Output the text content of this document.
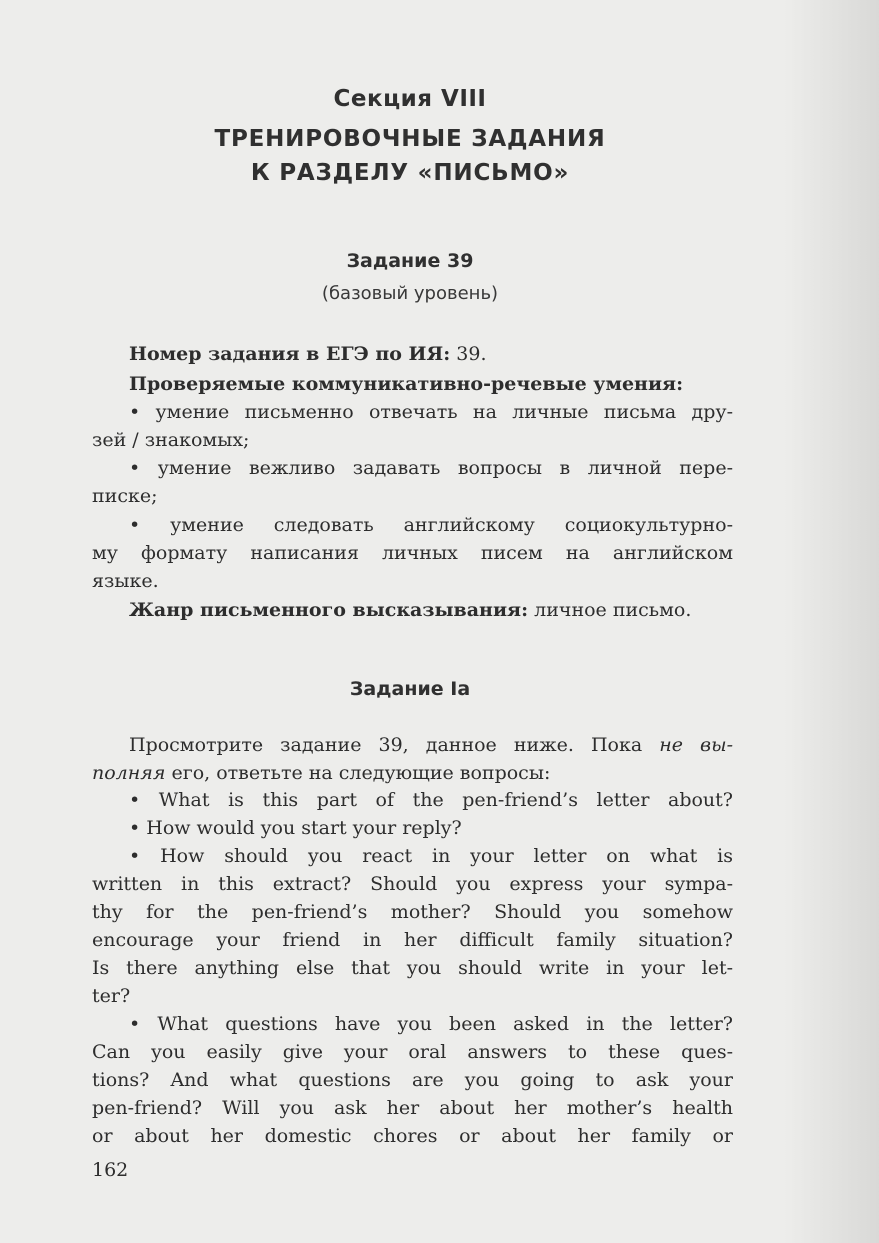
Секция VIII
ТРЕНИРОВОЧНЫЕ ЗАДАНИЯ
К РАЗДЕЛУ «ПИСЬМО»
Задание 39
(базовый уровень)
Номер задания в ЕГЭ по ИЯ: 39.
Проверяемые коммуникативно-речевые умения:
• умение письменно отвечать на личные письма дру-
зей / знакомых;
• умение вежливо задавать вопросы в личной пере-
писке;
• умение следовать английскому социокультурно-
му формату написания личных писем на английском
языке.
Жанр письменного высказывания: личное письмо.
Задание Ia
Просмотрите задание 39, данное ниже. Пока не вы-
полняя его, ответьте на следующие вопросы:
• What is this part of the pen-friend’s letter about?
• How would you start your reply?
• How should you react in your letter on what is
written in this extract? Should you express your sympa-
thy for the pen-friend’s mother? Should you somehow
encourage your friend in her difficult family situation?
Is there anything else that you should write in your let-
ter?
• What questions have you been asked in the letter?
Can you easily give your oral answers to these ques-
tions? And what questions are you going to ask your
pen-friend? Will you ask her about her mother’s health
or about her domestic chores or about her family or
162
